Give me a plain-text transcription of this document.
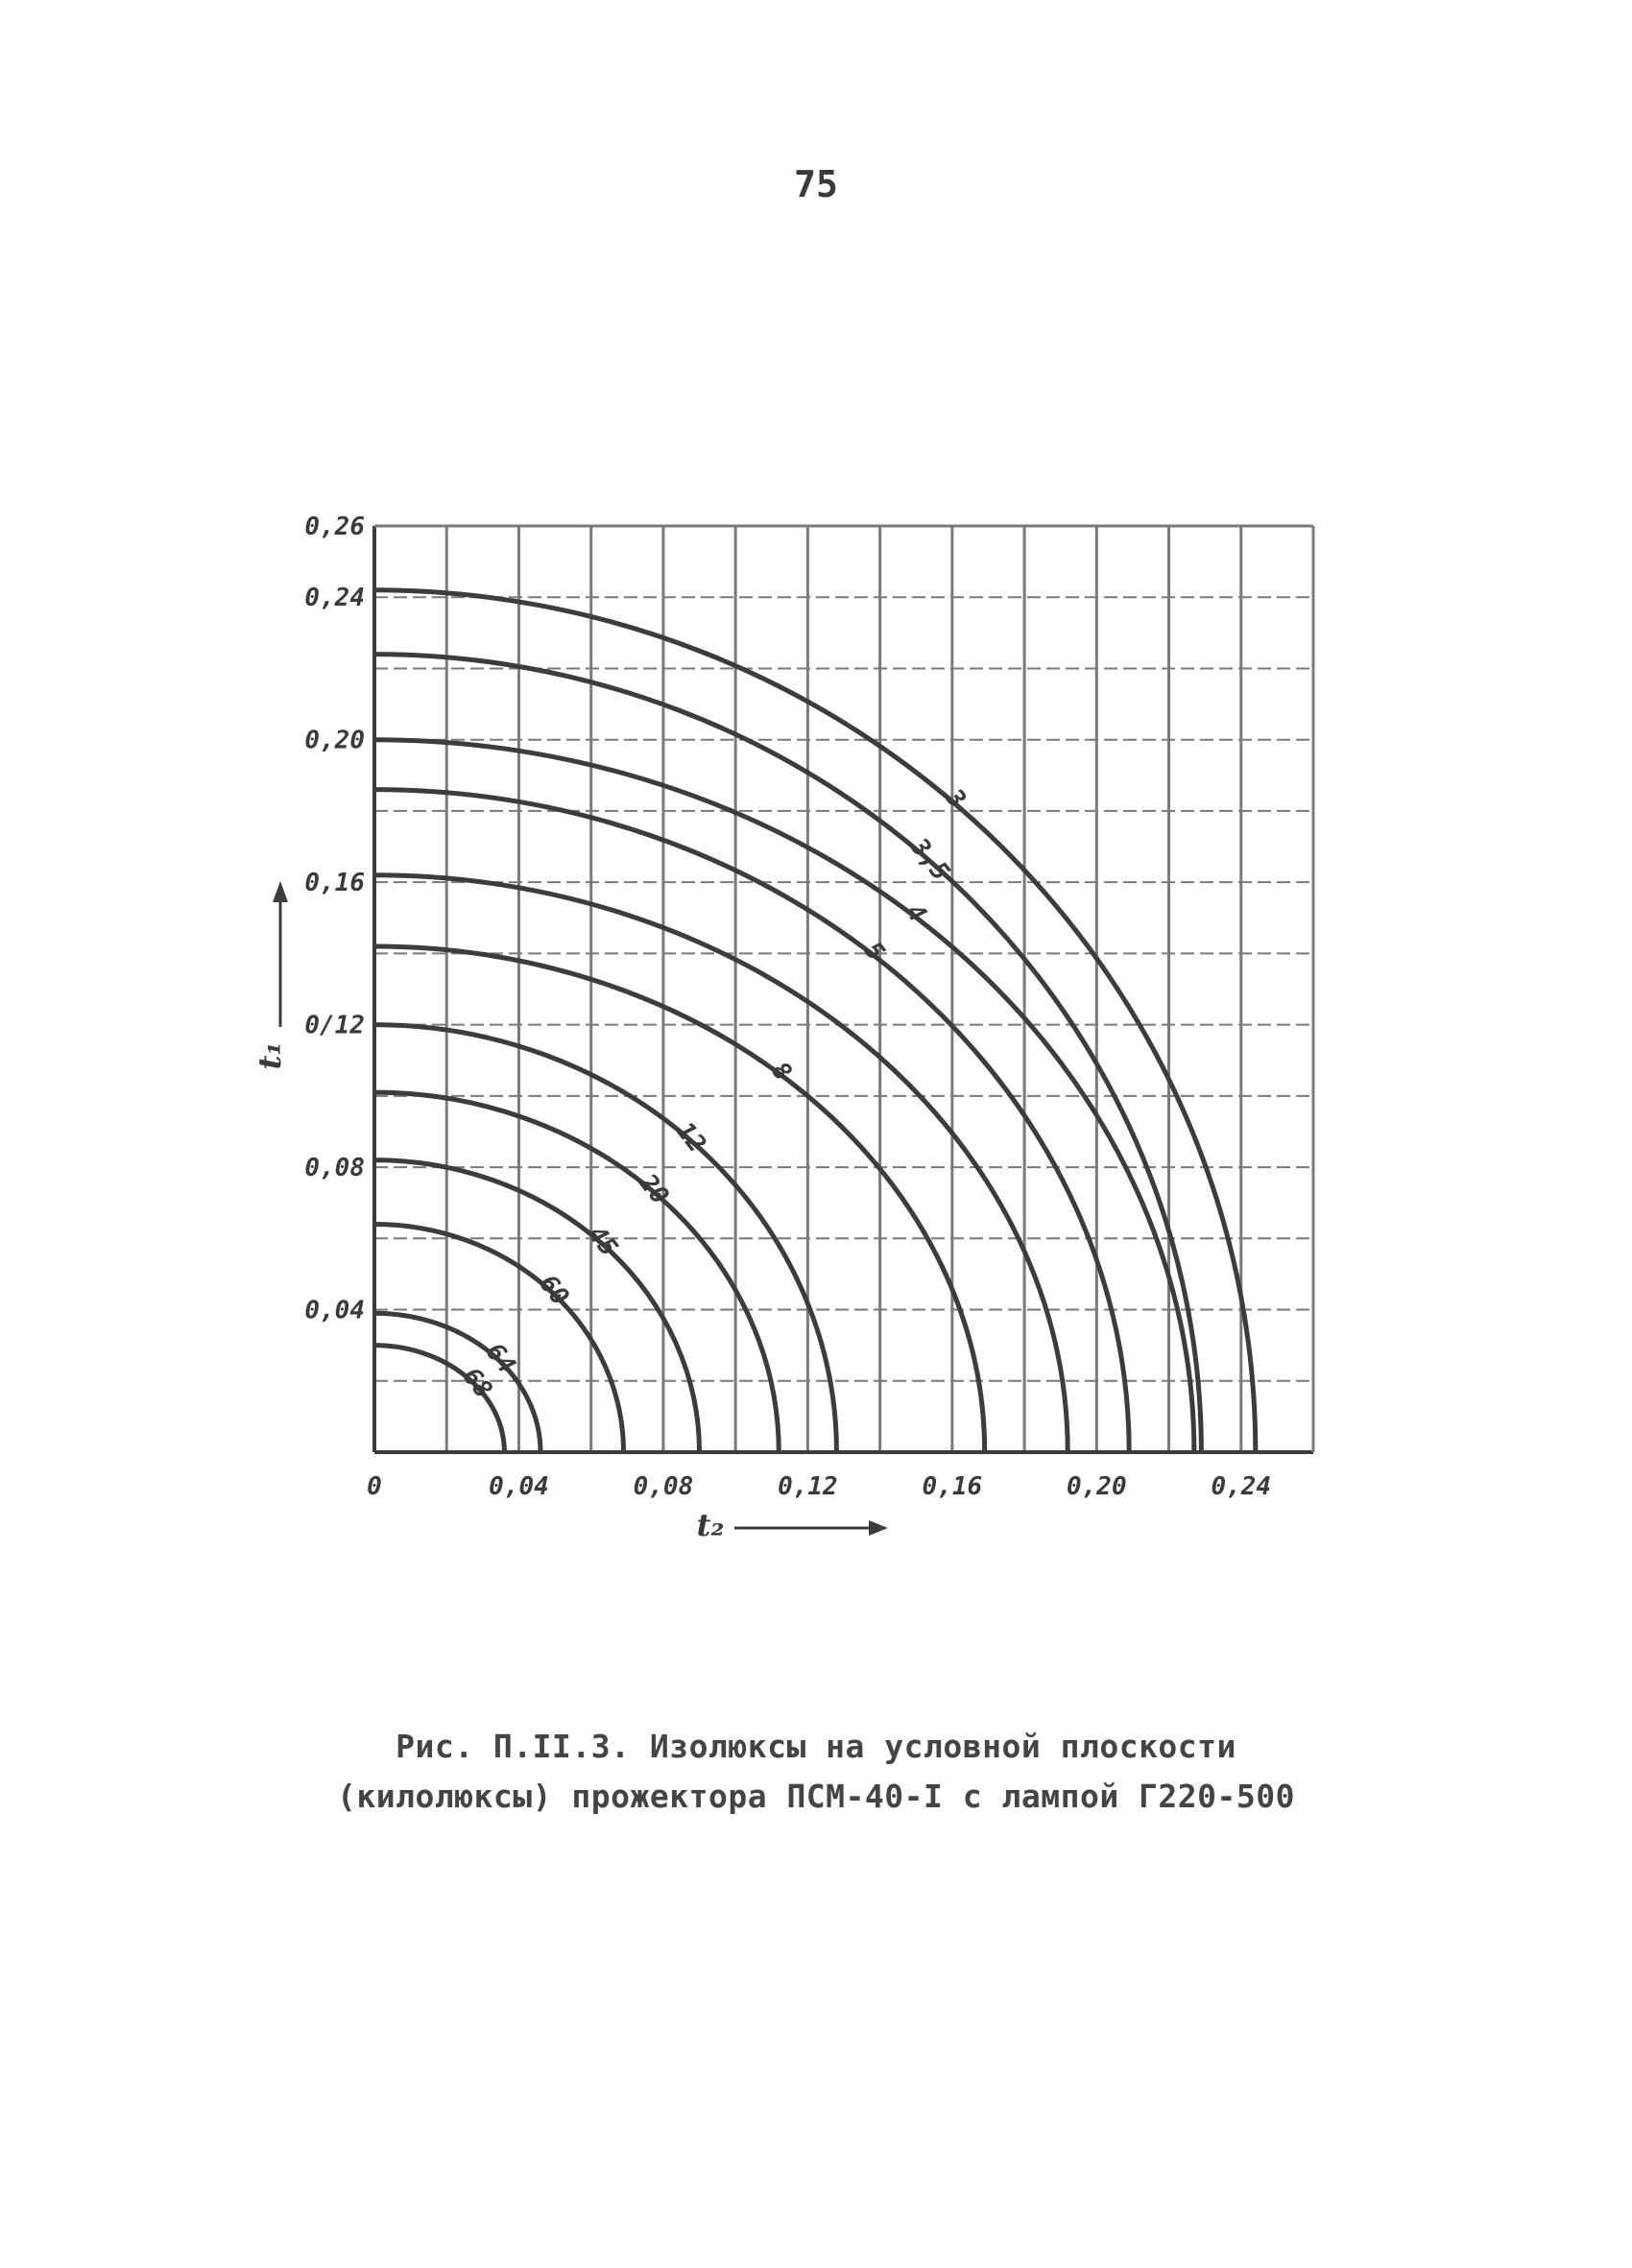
75
3
3,5
4
5
8
12
20
45
60
64
68
0	0,04	0,08	0,12	0,16	0,20	0,24
0,04
0,08
0/12
0,16
0,20
0,24
0,26
t₂
t₁
Рис. П.II.3. Изолюксы на условной плоскости
(килолюксы) прожектора ПСМ-40-I с лампой Г220-500
